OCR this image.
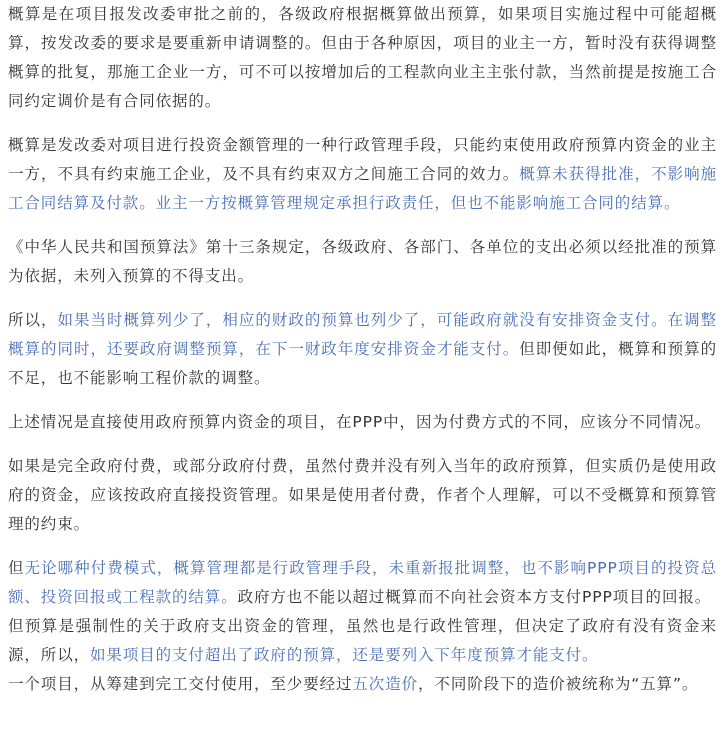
概算是在项目报发改委审批之前的，各级政府根据概算做出预算，如果项目实施过程中可能超概算，按发改委的要求是要重新申请调整的。但由于各种原因，项目的业主一方，暂时没有获得调整概算的批复，那施工企业一方，可不可以按增加后的工程款向业主主张付款，当然前提是按施工合同约定调价是有合同依据的。

概算是发改委对项目进行投资金额管理的一种行政管理手段，只能约束使用政府预算内资金的业主一方，不具有约束施工企业，及不具有约束双方之间施工合同的效力。概算未获得批准，不影响施工合同结算及付款。业主一方按概算管理规定承担行政责任，但也不能影响施工合同的结算。

《中华人民共和国预算法》第十三条规定，各级政府、各部门、各单位的支出必须以经批准的预算为依据，未列入预算的不得支出。

所以，如果当时概算列少了，相应的财政的预算也列少了，可能政府就没有安排资金支付。在调整概算的同时，还要政府调整预算，在下一财政年度安排资金才能支付。但即便如此，概算和预算的不足，也不能影响工程价款的调整。

上述情况是直接使用政府预算内资金的项目，在PPP中，因为付费方式的不同，应该分不同情况。

如果是完全政府付费，或部分政府付费，虽然付费并没有列入当年的政府预算，但实质仍是使用政府的资金，应该按政府直接投资管理。如果是使用者付费，作者个人理解，可以不受概算和预算管理的约束。

但无论哪种付费模式，概算管理都是行政管理手段，未重新报批调整，也不影响PPP项目的投资总额、投资回报或工程款的结算。政府方也不能以超过概算而不向社会资本方支付PPP项目的回报。

但预算是强制性的关于政府支出资金的管理，虽然也是行政性管理，但决定了政府有没有资金来源，所以，如果项目的支付超出了政府的预算，还是要列入下年度预算才能支付。

一个项目，从筹建到完工交付使用，至少要经过五次造价，不同阶段下的造价被统称为“五算”。
